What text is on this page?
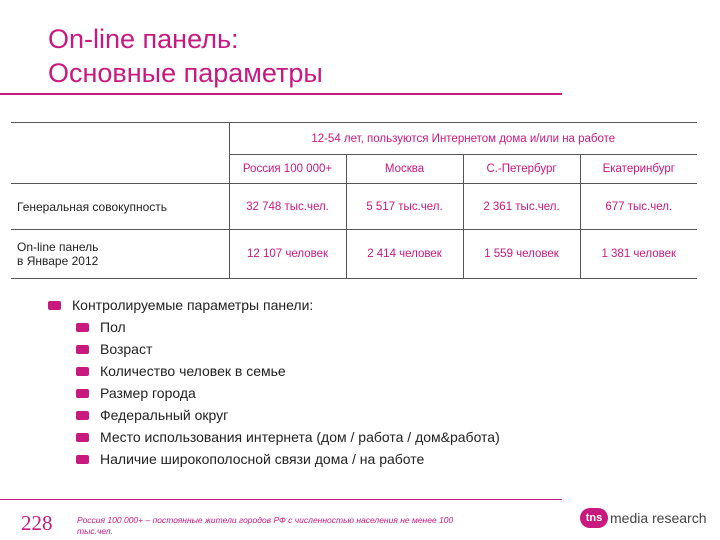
On-line панель:
Основные параметры
	12-54 лет, пользуются Интернетом дома и/или на работе			
	Россия 100 000+	Москва	С.-Петербург	Екатеринбург
Генеральная совокупность	32 748 тыс.чел.	5 517 тыс.чел.	2 361 тыс.чел.	677 тыс.чел.

On-line панель
в Январе 2012	12 107 человек	2 414 человек	1 559 человек	1 381 человек
Контролируемые параметры панели:
Пол
Возраст
Количество человек в семье
Размер города
Федеральный округ
Место использования интернета (дом / работа / дом&работа)
Наличие широкополосной связи дома / на работе
228	Россия 100 000+ – постоянные жители городов РФ с численностью населения не менее 100 тыс.чел.
tns media research
